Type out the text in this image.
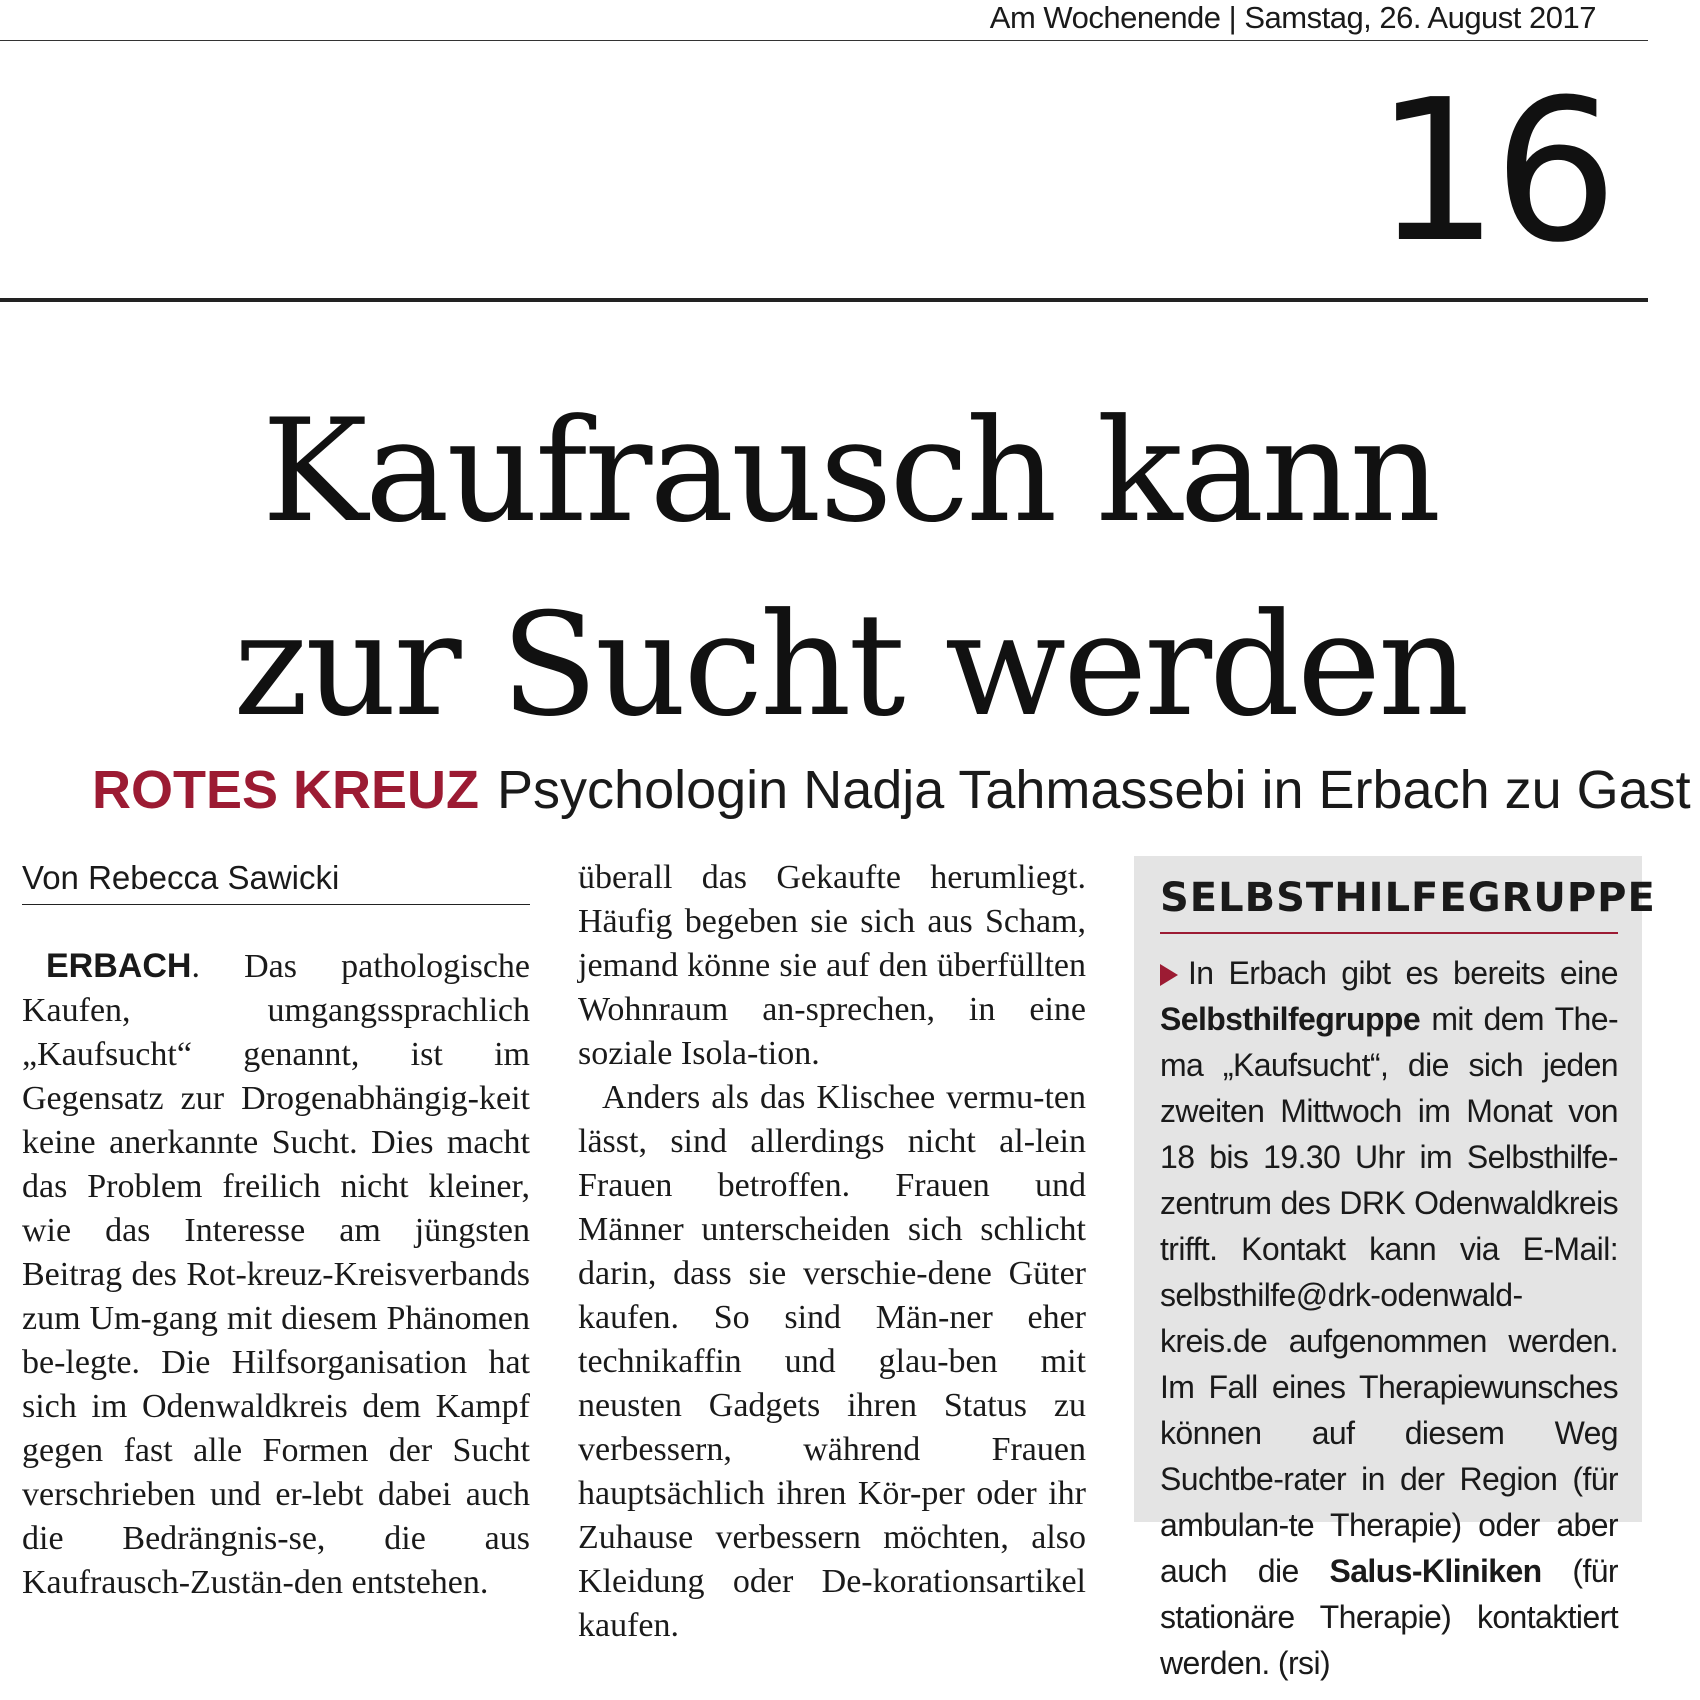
Am Wochenende | Samstag, 26. August 2017
16
Kaufrausch kann
zur Sucht werden
ROTES KREUZ Psychologin Nadja Tahmassebi in Erbach zu Gast
Von Rebecca Sawicki

ERBACH. Das pathologische Kaufen, umgangssprachlich „Kaufsucht“ genannt, ist im Gegensatz zur Drogenabhängig-keit keine anerkannte Sucht. Dies macht das Problem freilich nicht kleiner, wie das Interesse am jüngsten Beitrag des Rot-kreuz-Kreisverbands zum Um-gang mit diesem Phänomen be-legte. Die Hilfsorganisation hat sich im Odenwaldkreis dem Kampf gegen fast alle Formen der Sucht verschrieben und er-lebt dabei auch die Bedrängnis-se, die aus Kaufrausch-Zustän-den entstehen.

überall das Gekaufte herumliegt. Häufig begeben sie sich aus Scham, jemand könne sie auf den überfüllten Wohnraum an-sprechen, in eine soziale Isola-tion.

Anders als das Klischee vermu-ten lässt, sind allerdings nicht al-lein Frauen betroffen. Frauen und Männer unterscheiden sich schlicht darin, dass sie verschie-dene Güter kaufen. So sind Män-ner eher technikaffin und glau-ben mit neusten Gadgets ihren Status zu verbessern, während Frauen hauptsächlich ihren Kör-per oder ihr Zuhause verbessern möchten, also Kleidung oder De-korationsartikel kaufen.

SELBSTHILFEGRUPPE
In Erbach gibt es bereits eine Selbsthilfegruppe mit dem The-ma „Kaufsucht“, die sich jeden zweiten Mittwoch im Monat von 18 bis 19.30 Uhr im Selbsthilfe-zentrum des DRK Odenwaldkreis trifft. Kontakt kann via E-Mail: selbsthilfe@drk-odenwald-kreis.de aufgenommen werden. Im Fall eines Therapiewunsches können auf diesem Weg Suchtbe-rater in der Region (für ambulan-te Therapie) oder aber auch die Salus-Kliniken (für stationäre Therapie) kontaktiert werden. (rsi)
